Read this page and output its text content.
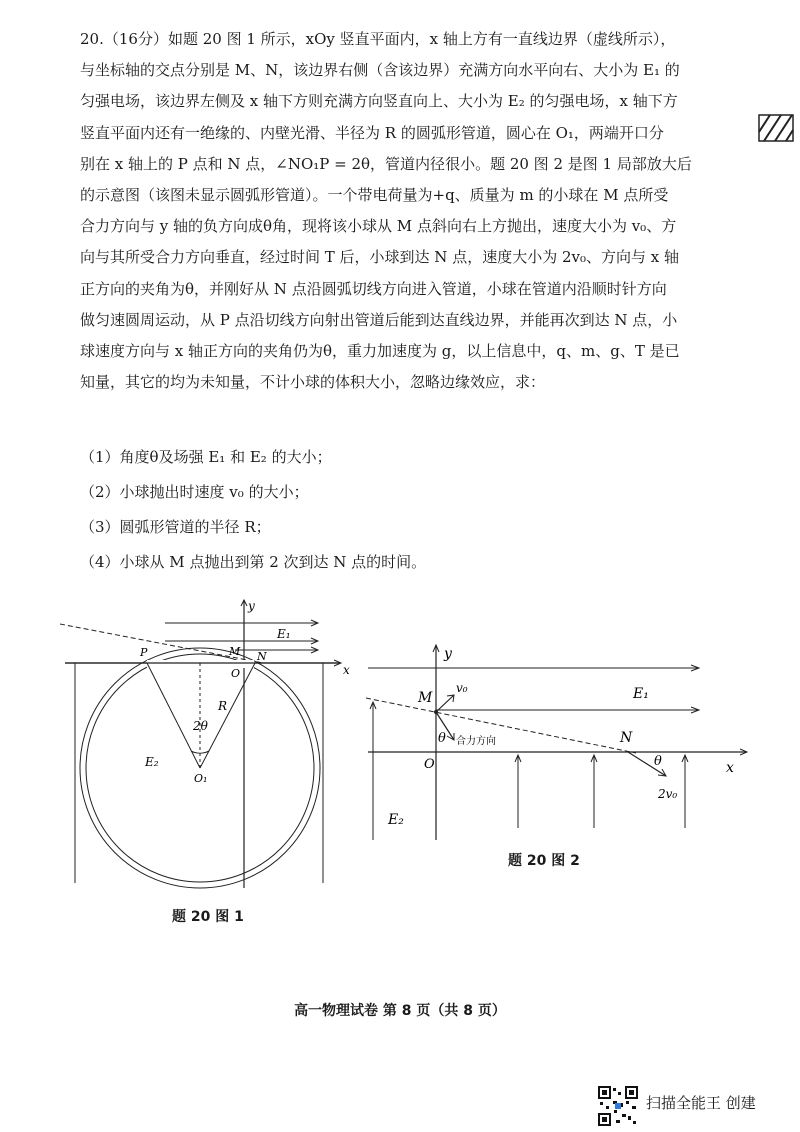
20.（16分）如题 20 图 1 所示，xOy 竖直平面内，x 轴上方有一直线边界（虚线所示），

与坐标轴的交点分别是 M、N，该边界右侧（含该边界）充满方向水平向右、大小为 E₁ 的

匀强电场，该边界左侧及 x 轴下方则充满方向竖直向上、大小为 E₂ 的匀强电场，x 轴下方

竖直平面内还有一绝缘的、内壁光滑、半径为 R 的圆弧形管道，圆心在 O₁，两端开口分

别在 x 轴上的 P 点和 N 点，∠NO₁P = 2θ，管道内径很小。题 20 图 2 是图 1 局部放大后

的示意图（该图未显示圆弧形管道）。一个带电荷量为+q、质量为 m 的小球在 M 点所受

合力方向与 y 轴的负方向成θ角，现将该小球从 M 点斜向右上方抛出，速度大小为 v₀、方

向与其所受合力方向垂直，经过时间 T 后，小球到达 N 点，速度大小为 2v₀、方向与 x 轴

正方向的夹角为θ，并刚好从 N 点沿圆弧切线方向进入管道，小球在管道内沿顺时针方向

做匀速圆周运动，从 P 点沿切线方向射出管道后能到达直线边界，并能再次到达 N 点，小

球速度方向与 x 轴正方向的夹角仍为θ，重力加速度为 g，以上信息中，q、m、g、T 是已

知量，其它的均为未知量，不计小球的体积大小，忽略边缘效应，求：

（1）角度θ及场强 E₁ 和 E₂ 的大小；

（2）小球抛出时速度 v₀ 的大小；

（3）圆弧形管道的半径 R；

（4）小球从 M 点抛出到第 2 次到达 N 点的时间。

x
y
E₁
2θ
R
P	M N
O
O₁
E₂
y
x
E₁
M
v₀
θ 合力方向
O
N
θ
2v₀
E₂
题 20 图 1
题 20 图 2
高一物理试卷 第 8 页（共 8 页）
扫描全能王 创建
